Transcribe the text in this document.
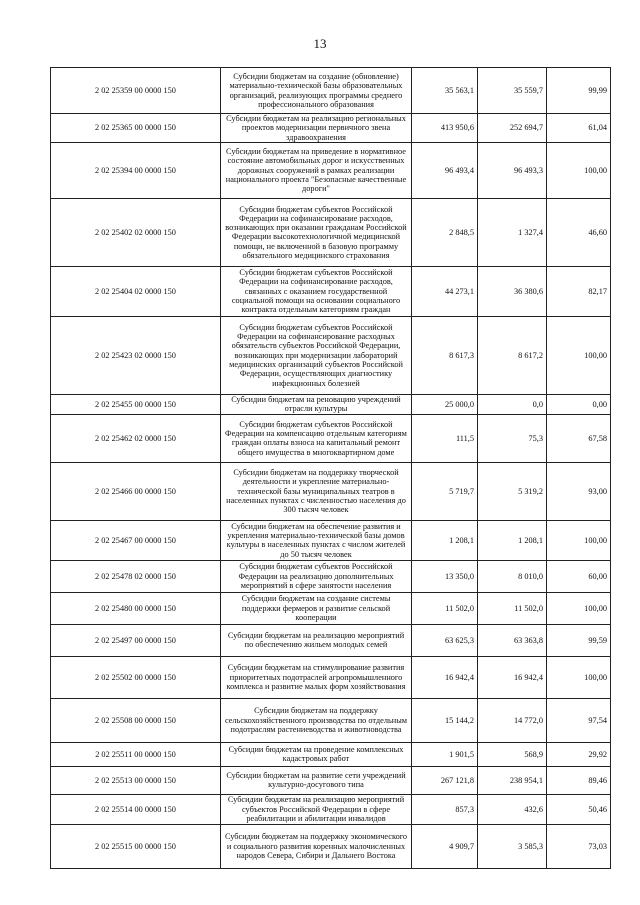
13
2 02 25359 00 0000 150	Субсидии бюджетам на создание (обновление) материально-технической базы образовательных организаций, реализующих программы среднего профессионального образования	35 563,1	35 559,7	99,99
2 02 25365 00 0000 150	Субсидии бюджетам на реализацию региональных проектов модернизации первичного звена здравоохранения	413 950,6	252 694,7	61,04
2 02 25394 00 0000 150	Субсидии бюджетам на приведение в нормативное состояние автомобильных дорог и искусственных дорожных сооружений в рамках реализации национального проекта "Безопасные качественные дороги"	96 493,4	96 493,3	100,00
2 02 25402 02 0000 150	Субсидии бюджетам субъектов Российской Федерации на софинансирование расходов, возникающих при оказании гражданам Российской Федерации высокотехнологичной медицинской помощи, не включенной в базовую программу обязательного медицинского страхования	2 848,5	1 327,4	46,60
2 02 25404 02 0000 150	Субсидии бюджетам субъектов Российской Федерации на софинансирование расходов, связанных с оказанием государственной социальной помощи на основании социального контракта отдельным категориям граждан	44 273,1	36 380,6	82,17
2 02 25423 02 0000 150	Субсидии бюджетам субъектов Российской Федерации на софинансирование расходных обязательств субъектов Российской Федерации, возникающих при модернизации лабораторий медицинских организаций субъектов Российской Федерации, осуществляющих диагностику инфекционных болезней	8 617,3	8 617,2	100,00
2 02 25455 00 0000 150	Субсидии бюджетам на реновацию учреждений отрасли культуры	25 000,0	0,0	0,00
2 02 25462 02 0000 150	Субсидии бюджетам субъектов Российской Федерации на компенсацию отдельным категориям граждан оплаты взноса на капитальный ремонт общего имущества в многоквартирном доме	111,5	75,3	67,58
2 02 25466 00 0000 150	Субсидии бюджетам на поддержку творческой деятельности и укрепление материально-технической базы муниципальных театров в населенных пунктах с численностью населения до 300 тысяч человек	5 719,7	5 319,2	93,00
2 02 25467 00 0000 150	Субсидии бюджетам на обеспечение развития и укрепления материально-технической базы домов культуры в населенных пунктах с числом жителей до 50 тысяч человек	1 208,1	1 208,1	100,00
2 02 25478 02 0000 150	Субсидии бюджетам субъектов Российской Федерации на реализацию дополнительных мероприятий в сфере занятости населения	13 350,0	8 010,0	60,00
2 02 25480 00 0000 150	Субсидии бюджетам на создание системы поддержки фермеров и развитие сельской кооперации	11 502,0	11 502,0	100,00
2 02 25497 00 0000 150	Субсидии бюджетам на реализацию мероприятий по обеспечению жильем молодых семей	63 625,3	63 363,8	99,59
2 02 25502 00 0000 150	Субсидии бюджетам на стимулирование развития приоритетных подотраслей агропромышленного комплекса и развитие малых форм хозяйствования	16 942,4	16 942,4	100,00
2 02 25508 00 0000 150	Субсидии бюджетам на поддержку сельскохозяйственного производства по отдельным подотраслям растениеводства и животноводства	15 144,2	14 772,0	97,54
2 02 25511 00 0000 150	Субсидии бюджетам на проведение комплексных кадастровых работ	1 901,5	568,9	29,92
2 02 25513 00 0000 150	Субсидии бюджетам на развитие сети учреждений культурно-досугового типа	267 121,8	238 954,1	89,46
2 02 25514 00 0000 150	Субсидии бюджетам на реализацию мероприятий субъектов Российской Федерации в сфере реабилитации и абилитации инвалидов	857,3	432,6	50,46
2 02 25515 00 0000 150	Субсидии бюджетам на поддержку экономического и социального развития коренных малочисленных народов Севера, Сибири и Дальнего Востока	4 909,7	3 585,3	73,03
